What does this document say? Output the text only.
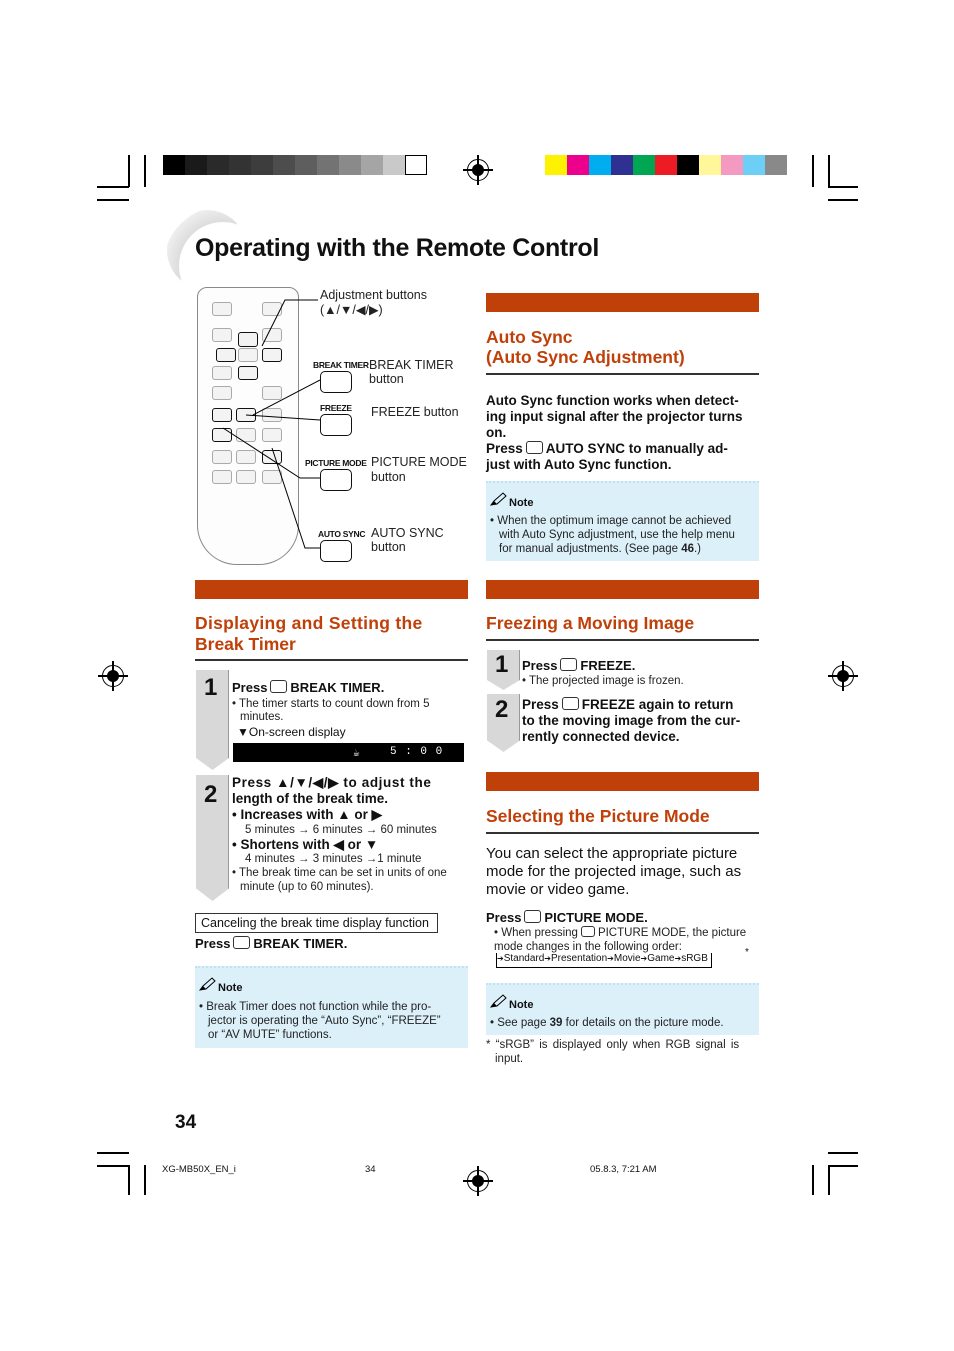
Operating with the Remote Control
BREAK TIMER
FREEZE
PICTURE MODE
AUTO SYNC
Adjustment buttons
(▲/▼/◀/▶)
BREAK TIMER
button
FREEZE button
PICTURE MODE
button
AUTO SYNC
button
Auto Sync
(Auto Sync Adjustment)
Auto Sync function works when detect-
ing input signal after the projector turns
on.
Press AUTO SYNC to manually ad-
just with Auto Sync function.
Note
• When the optimum image cannot be achieved
with Auto Sync adjustment, use the help menu
for manual adjustments. (See page 46.)
Displaying and Setting the
Break Timer
1 Press BREAK TIMER.
• The timer starts to count down from 5
minutes.
▼On-screen display
☕	5 : 0 0
2 Press ▲/▼/◀/▶ to adjust the
length of the break time.
• Increases with ▲ or ▶
5 minutes → 6 minutes → 60 minutes
• Shortens with ◀ or ▼
4 minutes → 3 minutes →1 minute
• The break time can be set in units of one
minute (up to 60 minutes).
Canceling the break time display function
Press BREAK TIMER.
Note
• Break Timer does not function while the pro-
jector is operating the “Auto Sync”, “FREEZE”
or “AV MUTE” functions.
Freezing a Moving Image
1 Press FREEZE.
• The projected image is frozen.
2 Press FREEZE again to return
to the moving image from the cur-
rently connected device.
Selecting the Picture Mode
You can select the appropriate picture
mode for the projected image, such as
movie or video game.
Press PICTURE MODE.
• When pressing PICTURE MODE, the picture
mode changes in the following order:
➔Standard➔Presentation➔Movie➔Game➔sRGB
*
Note
• See page 39 for details on the picture mode.
* “sRGB” is displayed only when RGB signal is
input.
34
XG-MB50X_EN_i	34	05.8.3, 7:21 AM
